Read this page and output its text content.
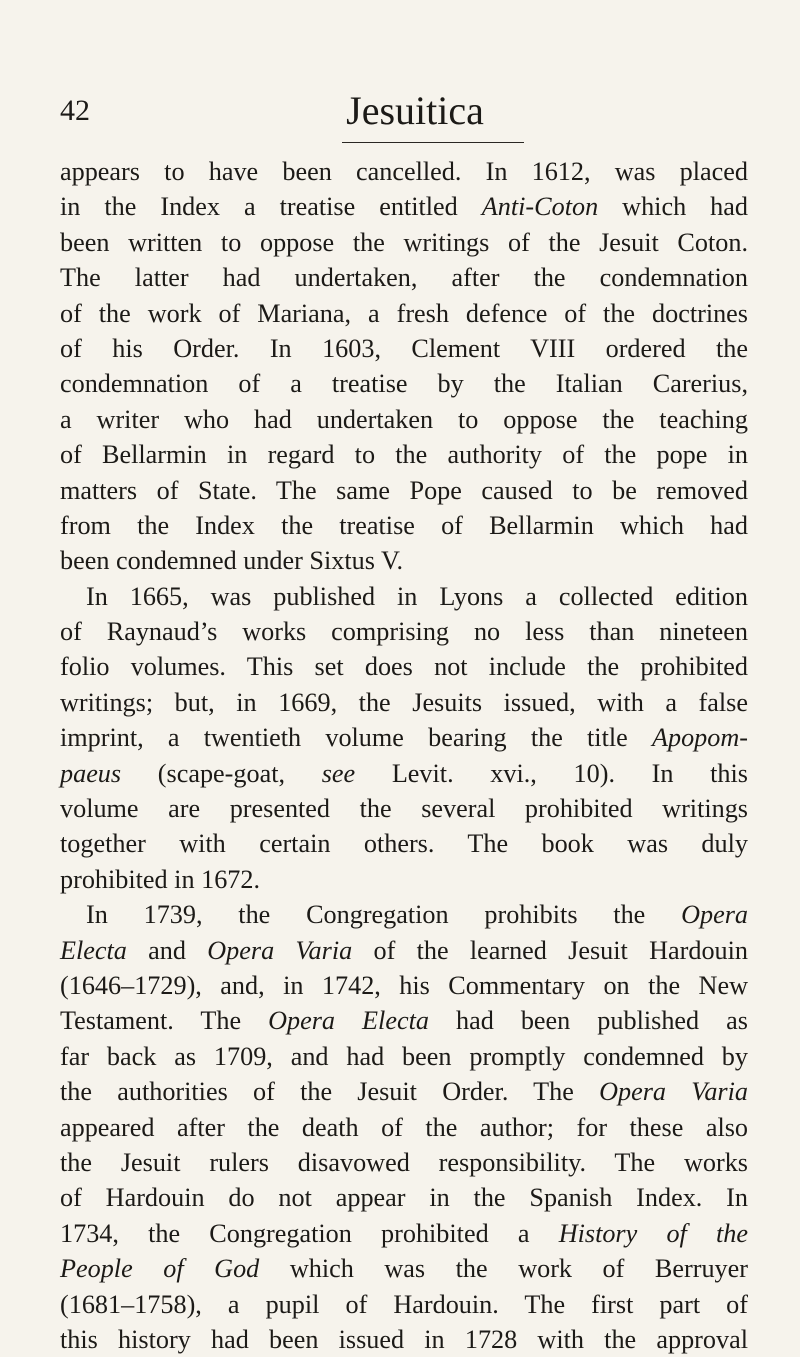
42	Jesuitica
appears to have been cancelled. In 1612, was placed
in the Index a treatise entitled Anti-Coton which had
been written to oppose the writings of the Jesuit Coton.
The latter had undertaken, after the condemnation
of the work of Mariana, a fresh defence of the doctrines
of his Order. In 1603, Clement VIII ordered the
condemnation of a treatise by the Italian Carerius,
a writer who had undertaken to oppose the teaching
of Bellarmin in regard to the authority of the pope in
matters of State. The same Pope caused to be removed
from the Index the treatise of Bellarmin which had
been condemned under Sixtus V.
In 1665, was published in Lyons a collected edition
of Raynaud’s works comprising no less than nineteen
folio volumes. This set does not include the prohibited
writings; but, in 1669, the Jesuits issued, with a false
imprint, a twentieth volume bearing the title Apopom-
paeus (scape-goat, see Levit. xvi., 10). In this
volume are presented the several prohibited writings
together with certain others. The book was duly
prohibited in 1672.
In 1739, the Congregation prohibits the Opera
Electa and Opera Varia of the learned Jesuit Hardouin
(1646–1729), and, in 1742, his Commentary on the New
Testament. The Opera Electa had been published as
far back as 1709, and had been promptly condemned by
the authorities of the Jesuit Order. The Opera Varia
appeared after the death of the author; for these also
the Jesuit rulers disavowed responsibility. The works
of Hardouin do not appear in the Spanish Index. In
1734, the Congregation prohibited a History of the
People of God which was the work of Berruyer
(1681–1758), a pupil of Hardouin. The first part of
this history had been issued in 1728 with the approval
